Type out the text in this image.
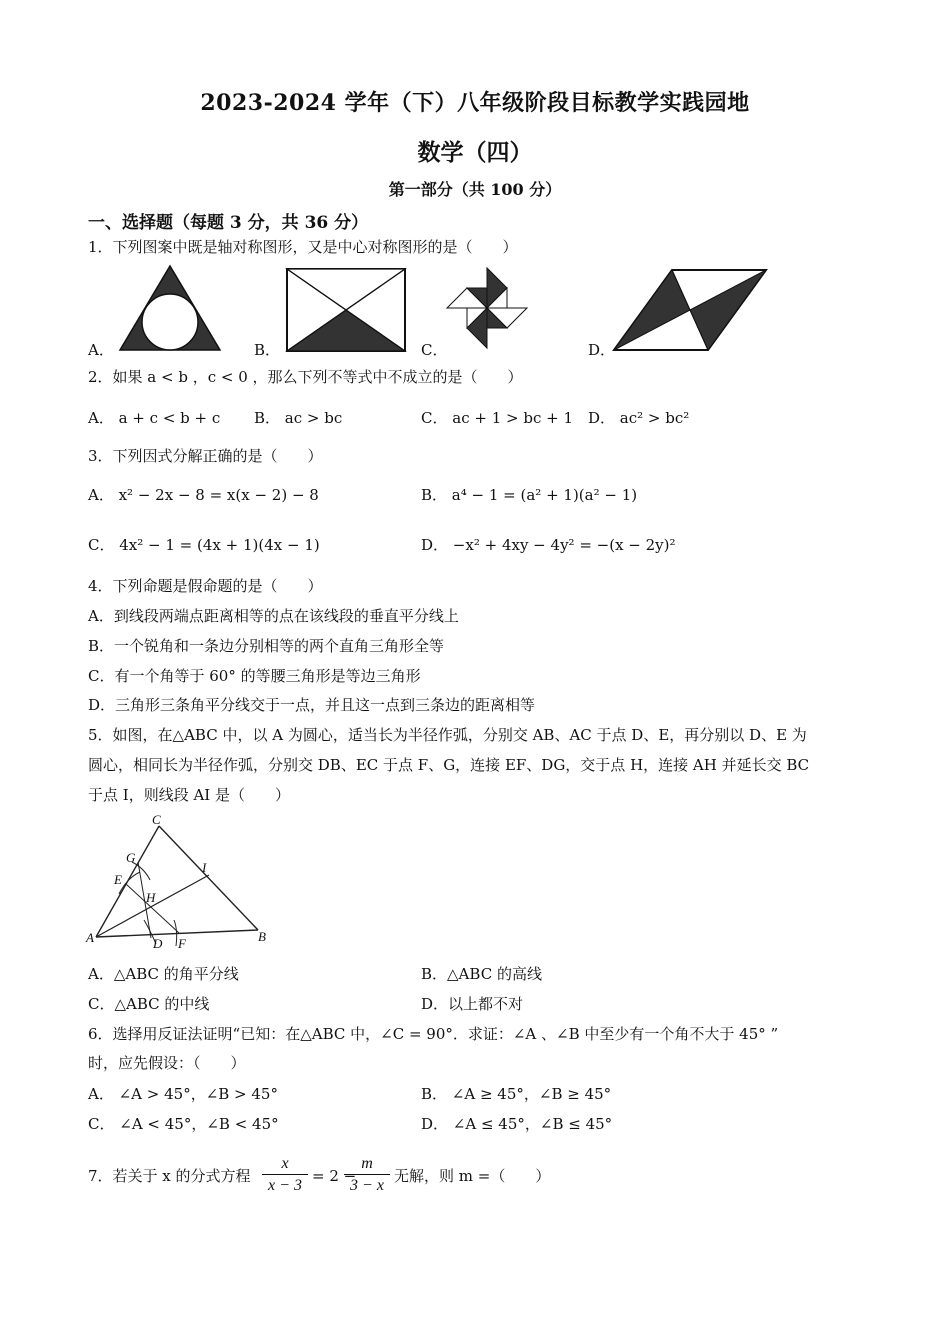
2023-2024 学年（下）八年级阶段目标教学实践园地
数学（四）
第一部分（共 100 分）
一、选择题（每题 3 分，共 36 分）
1．下列图案中既是轴对称图形，又是中心对称图形的是（　　）
A．	B．	C．	D．
2．如果 a < b ，c < 0 ，那么下列不等式中不成立的是（　　）
A． a + c < b + c B． ac > bc	C． ac + 1 > bc + 1 D． ac² > bc²
3．下列因式分解正确的是（　　）
A． x² − 2x − 8 = x(x − 2) − 8	B． a⁴ − 1 = (a² + 1)(a² − 1)
C． 4x² − 1 = (4x + 1)(4x − 1)	D． −x² + 4xy − 4y² = −(x − 2y)²
4．下列命题是假命题的是（　　）
A．到线段两端点距离相等的点在该线段的垂直平分线上
B．一个锐角和一条边分别相等的两个直角三角形全等
C．有一个角等于 60° 的等腰三角形是等边三角形
D．三角形三条角平分线交于一点，并且这一点到三条边的距离相等
5．如图，在△ABC 中，以 A 为圆心，适当长为半径作弧，分别交 AB、AC 于点 D、E，再分别以 D、E 为
圆心，相同长为半径作弧，分别交 DB、EC 于点 F、G，连接 EF、DG，交于点 H，连接 AH 并延长交 BC
于点 I，则线段 AI 是（　　）
C
G
E
H
I
A	D F	B
A．△ABC 的角平分线	B．△ABC 的高线
C．△ABC 的中线	D．以上都不对
6．选择用反证法证明“已知：在△ABC 中，∠C = 90°．求证：∠A 、∠B 中至少有一个角不大于 45° ”
时，应先假设：（　　）
A． ∠A > 45°，∠B > 45°	B． ∠A ≥ 45°，∠B ≥ 45°
C． ∠A < 45°，∠B < 45°	D． ∠A ≤ 45°，∠B ≤ 45°
7．若关于 x 的分式方程 $\frac{x}{x - 3} = 2$ −
$\frac{m}{3 - x}$ 无解，则 m =（　　）
